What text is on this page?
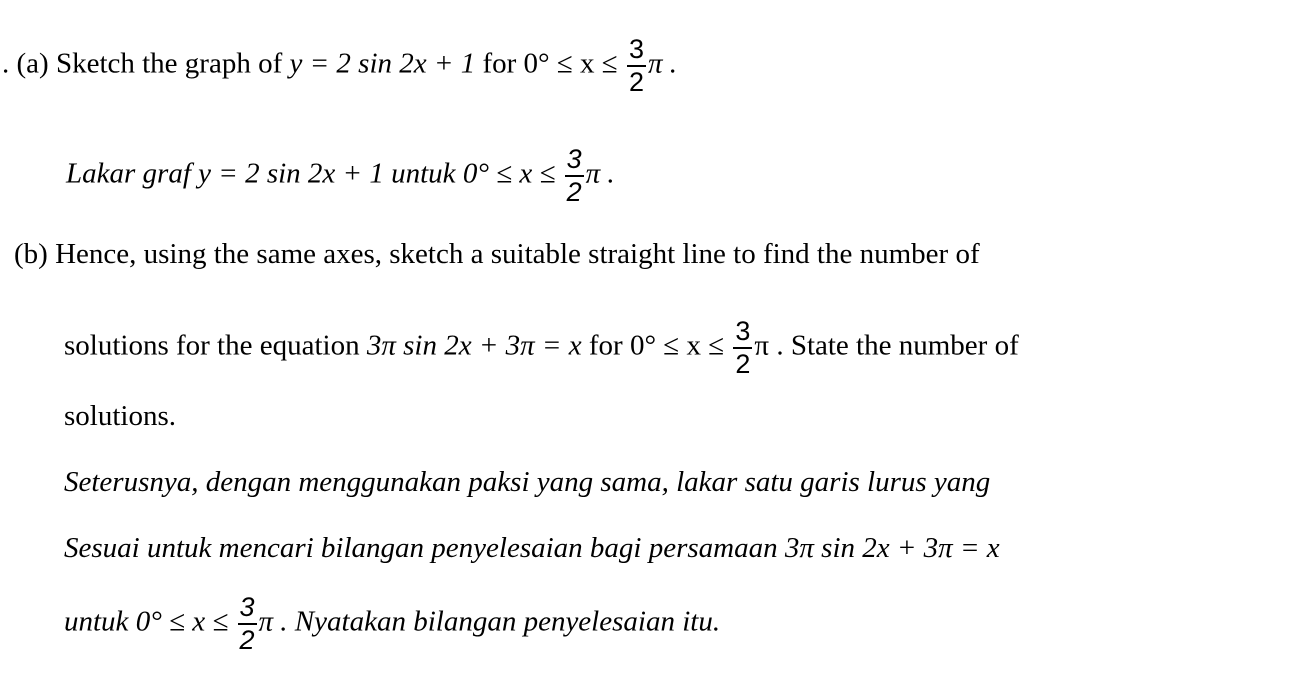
. (a) Sketch the graph of y = 2 sin 2x + 1 for $0^\circ \le x \le \frac{3}{2}$ π .
Lakar graf y = 2 sin 2x + 1 untuk $0^\circ \le x \le \frac{3}{2}$ π .
(b) Hence, using the same axes, sketch a suitable straight line to find the number of
solutions for the equation 3π sin 2x + 3π = x for $0^\circ \le x \le \frac{3}{2}$ π . State the number of
solutions.
Seterusnya, dengan menggunakan paksi yang sama, lakar satu garis lurus yang
Sesuai untuk mencari bilangan penyelesaian bagi persamaan 3π sin 2x + 3π = x
untuk $0^\circ \le x \le \frac{3}{2}$ π . Nyatakan bilangan penyelesaian itu.
